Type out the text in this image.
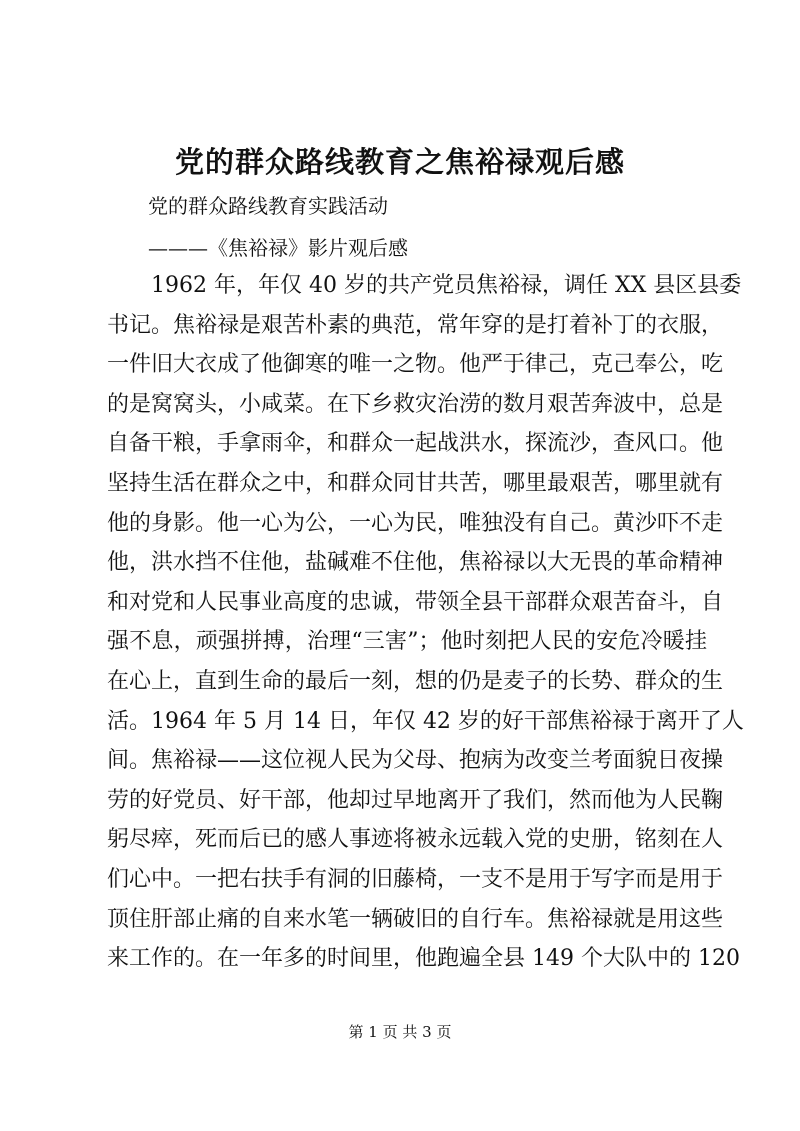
党的群众路线教育之焦裕禄观后感
党的群众路线教育实践活动
———《焦裕禄》影片观后感
1962 年，年仅 40 岁的共产党员焦裕禄，调任 XX 县区县委
书记。焦裕禄是艰苦朴素的典范，常年穿的是打着补丁的衣服，
一件旧大衣成了他御寒的唯一之物。他严于律己，克己奉公，吃
的是窝窝头，小咸菜。在下乡救灾治涝的数月艰苦奔波中，总是
自备干粮，手拿雨伞，和群众一起战洪水，探流沙，查风口。他
坚持生活在群众之中，和群众同甘共苦，哪里最艰苦，哪里就有
他的身影。他一心为公，一心为民，唯独没有自己。黄沙吓不走
他，洪水挡不住他，盐碱难不住他，焦裕禄以大无畏的革命精神
和对党和人民事业高度的忠诚，带领全县干部群众艰苦奋斗，自
强不息，顽强拼搏，治理“三害”；他时刻把人民的安危冷暖挂
在心上，直到生命的最后一刻，想的仍是麦子的长势、群众的生
活。1964 年 5 月 14 日，年仅 42 岁的好干部焦裕禄于离开了人
间。焦裕禄——这位视人民为父母、抱病为改变兰考面貌日夜操
劳的好党员、好干部，他却过早地离开了我们，然而他为人民鞠
躬尽瘁，死而后已的感人事迹将被永远载入党的史册，铭刻在人
们心中。一把右扶手有洞的旧藤椅，一支不是用于写字而是用于
顶住肝部止痛的自来水笔一辆破旧的自行车。焦裕禄就是用这些
来工作的。在一年多的时间里，他跑遍全县 149 个大队中的 120
第 1 页 共 3 页
